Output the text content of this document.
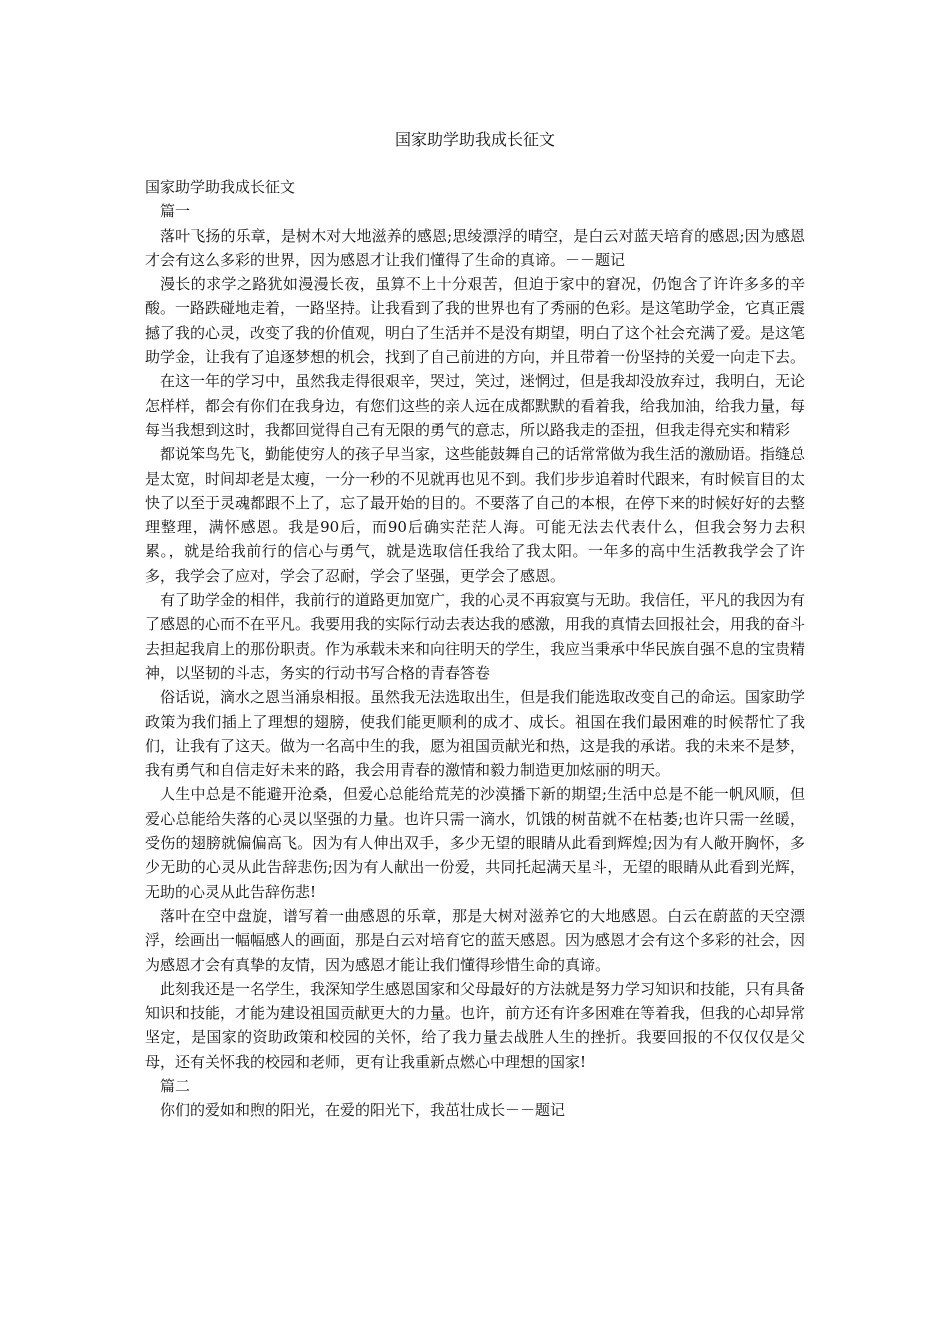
国家助学助我成长征文

国家助学助我成长征文

篇一

落叶飞扬的乐章，是树木对大地滋养的感恩;思绫漂浮的晴空，是白云对蓝天培育的感恩;因为感恩才会有这么多彩的世界，因为感恩才让我们懂得了生命的真谛。－－题记

漫长的求学之路犹如漫漫长夜，虽算不上十分艰苦，但迫于家中的窘况，仍饱含了许许多多的辛酸。一路跌碰地走着，一路坚持。让我看到了我的世界也有了秀丽的色彩。是这笔助学金，它真正震撼了我的心灵，改变了我的价值观，明白了生活并不是没有期望，明白了这个社会充满了爱。是这笔助学金，让我有了追逐梦想的机会，找到了自己前进的方向，并且带着一份坚持的关爱一向走下去。

在这一年的学习中，虽然我走得很艰辛，哭过，笑过，迷惘过，但是我却没放弃过，我明白，无论怎样样，都会有你们在我身边，有您们这些的亲人远在成都默默的看着我，给我加油，给我力量，每每当我想到这时，我都回觉得自己有无限的勇气的意志，所以路我走的歪扭，但我走得充实和精彩

都说笨鸟先飞，勤能使穷人的孩子早当家，这些能鼓舞自己的话常常做为我生活的激励语。指缝总是太宽，时间却老是太瘦，一分一秒的不见就再也见不到。我们步步追着时代跟来，有时候盲目的太快了以至于灵魂都跟不上了，忘了最开始的目的。不要落了自己的本根，在停下来的时候好好的去整理整理，满怀感恩。我是90后，而90后确实茫茫人海。可能无法去代表什么，但我会努力去积累。，就是给我前行的信心与勇气，就是选取信任我给了我太阳。一年多的高中生活教我学会了许多，我学会了应对，学会了忍耐，学会了坚强，更学会了感恩。

有了助学金的相伴，我前行的道路更加宽广，我的心灵不再寂寞与无助。我信任，平凡的我因为有了感恩的心而不在平凡。我要用我的实际行动去表达我的感激，用我的真情去回报社会，用我的奋斗去担起我肩上的那份职责。作为承载未来和向往明天的学生，我应当秉承中华民族自强不息的宝贵精神，以坚韧的斗志，务实的行动书写合格的青春答卷

俗话说，滴水之恩当涌泉相报。虽然我无法选取出生，但是我们能选取改变自己的命运。国家助学政策为我们插上了理想的翅膀，使我们能更顺利的成才、成长。祖国在我们最困难的时候帮忙了我们，让我有了这天。做为一名高中生的我，愿为祖国贡献光和热，这是我的承诺。我的未来不是梦，我有勇气和自信走好未来的路，我会用青春的激情和毅力制造更加炫丽的明天。

人生中总是不能避开沧桑，但爱心总能给荒芜的沙漠播下新的期望;生活中总是不能一帆风顺，但爱心总能给失落的心灵以坚强的力量。也许只需一滴水，饥饿的树苗就不在枯萎;也许只需一丝暖，受伤的翅膀就偏偏高飞。因为有人伸出双手，多少无望的眼睛从此看到辉煌;因为有人敞开胸怀，多少无助的心灵从此告辞悲伤;因为有人献出一份爱，共同托起满天星斗，无望的眼睛从此看到光辉，无助的心灵从此告辞伤悲!

落叶在空中盘旋，谱写着一曲感恩的乐章，那是大树对滋养它的大地感恩。白云在蔚蓝的天空漂浮，绘画出一幅幅感人的画面，那是白云对培育它的蓝天感恩。因为感恩才会有这个多彩的社会，因为感恩才会有真挚的友情，因为感恩才能让我们懂得珍惜生命的真谛。

此刻我还是一名学生，我深知学生感恩国家和父母最好的方法就是努力学习知识和技能，只有具备知识和技能，才能为建设祖国贡献更大的力量。也许，前方还有许多困难在等着我，但我的心却异常坚定，是国家的资助政策和校园的关怀，给了我力量去战胜人生的挫折。我要回报的不仅仅仅是父母，还有关怀我的校园和老师，更有让我重新点燃心中理想的国家!

篇二

你们的爱如和煦的阳光，在爱的阳光下，我茁壮成长－－题记
